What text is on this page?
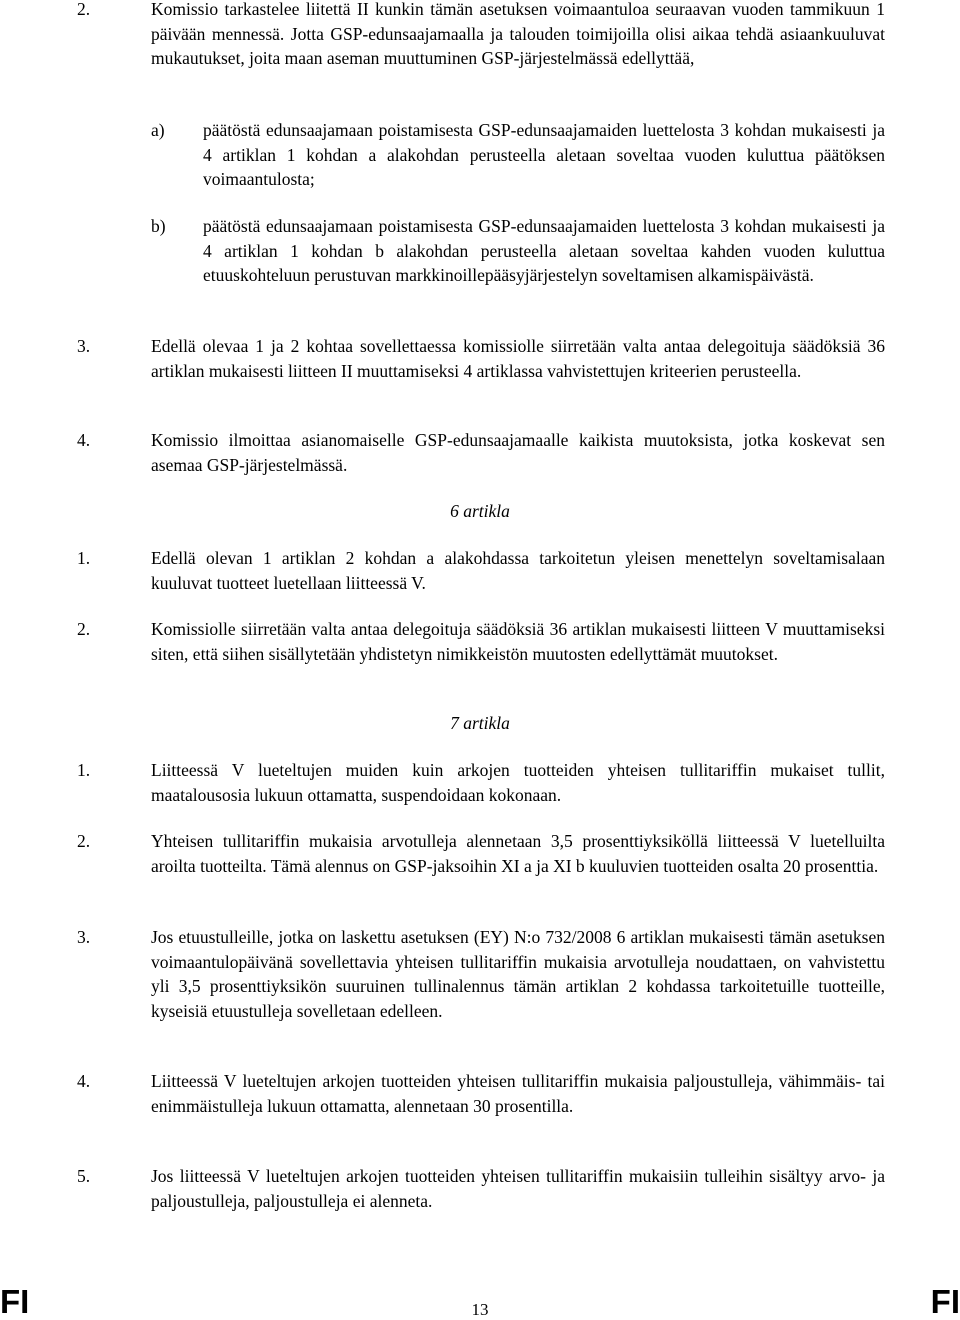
2.	Komissio tarkastelee liitettä II kunkin tämän asetuksen voimaantuloa seuraavan vuoden tammikuun 1 päivään mennessä. Jotta GSP-edunsaajamaalla ja talouden toimijoilla olisi aikaa tehdä asiaankuuluvat mukautukset, joita maan aseman muuttuminen GSP-järjestelmässä edellyttää,
a) päätöstä edunsaajamaan poistamisesta GSP-edunsaajamaiden luettelosta 3 kohdan mukaisesti ja 4 artiklan 1 kohdan a alakohdan perusteella aletaan soveltaa vuoden kuluttua päätöksen voimaantulosta;
b) päätöstä edunsaajamaan poistamisesta GSP-edunsaajamaiden luettelosta 3 kohdan mukaisesti ja 4 artiklan 1 kohdan b alakohdan perusteella aletaan soveltaa kahden vuoden kuluttua etuuskohteluun perustuvan markkinoillepääsyjärjestelyn soveltamisen alkamispäivästä.
3.	Edellä olevaa 1 ja 2 kohtaa sovellettaessa komissiolle siirretään valta antaa delegoituja säädöksiä 36 artiklan mukaisesti liitteen II muuttamiseksi 4 artiklassa vahvistettujen kriteerien perusteella.
4.	Komissio ilmoittaa asianomaiselle GSP-edunsaajamaalle kaikista muutoksista, jotka koskevat sen asemaa GSP-järjestelmässä.
6 artikla
1.	Edellä olevan 1 artiklan 2 kohdan a alakohdassa tarkoitetun yleisen menettelyn soveltamisalaan kuuluvat tuotteet luetellaan liitteessä V.
2.	Komissiolle siirretään valta antaa delegoituja säädöksiä 36 artiklan mukaisesti liitteen V muuttamiseksi siten, että siihen sisällytetään yhdistetyn nimikkeistön muutosten edellyttämät muutokset.
7 artikla
1.	Liitteessä V lueteltujen muiden kuin arkojen tuotteiden yhteisen tullitariffin mukaiset tullit, maatalousosia lukuun ottamatta, suspendoidaan kokonaan.
2.	Yhteisen tullitariffin mukaisia arvotulleja alennetaan 3,5 prosenttiyksiköllä liitteessä V luetelluilta aroilta tuotteilta. Tämä alennus on GSP-jaksoihin XI a ja XI b kuuluvien tuotteiden osalta 20 prosenttia.
3.	Jos etuustulleille, jotka on laskettu asetuksen (EY) N:o 732/2008 6 artiklan mukaisesti tämän asetuksen voimaantulopäivänä sovellettavia yhteisen tullitariffin mukaisia arvotulleja noudattaen, on vahvistettu yli 3,5 prosenttiyksikön suuruinen tullinalennus tämän artiklan 2 kohdassa tarkoitetuille tuotteille, kyseisiä etuustulleja sovelletaan edelleen.
4.	Liitteessä V lueteltujen arkojen tuotteiden yhteisen tullitariffin mukaisia paljoustulleja, vähimmäis- tai enimmäistulleja lukuun ottamatta, alennetaan 30 prosentilla.
5.	Jos liitteessä V lueteltujen arkojen tuotteiden yhteisen tullitariffin mukaisiin tulleihin sisältyy arvo- ja paljoustulleja, paljoustulleja ei alenneta.
FI	13	FI
